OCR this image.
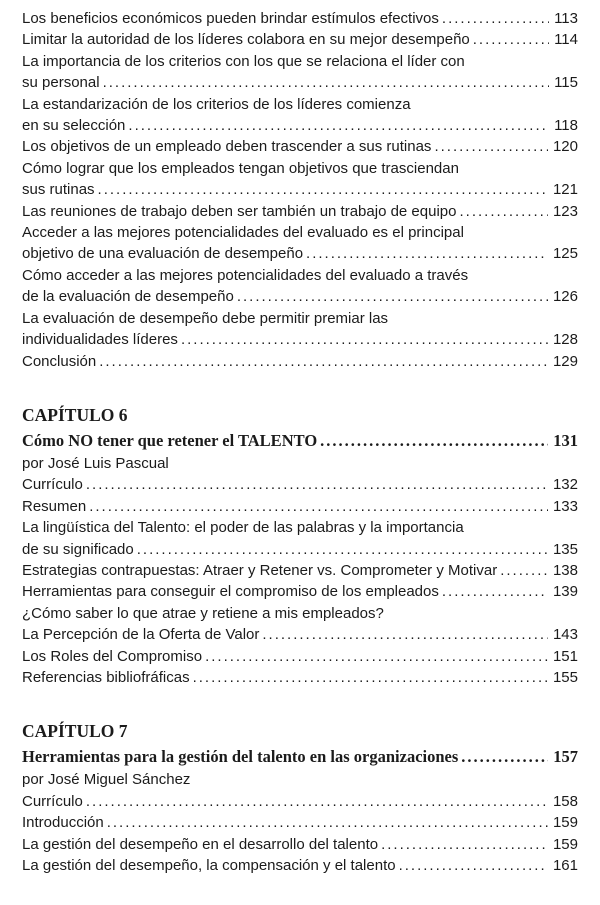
Los beneficios económicos pueden brindar estímulos efectivos .....	113
Limitar la autoridad de los líderes colabora en su mejor desempeño .....	114
La importancia de los criterios con los que se relaciona el líder con
su personal .....	115
La estandarización de los criterios de los líderes comienza
en su selección .....	118
Los objetivos de un empleado deben trascender a sus rutinas .....	120
Cómo lograr que los empleados tengan objetivos que trasciendan
sus rutinas .....	121
Las reuniones de trabajo deben ser también un trabajo de equipo .....	123
Acceder a las mejores potencialidades del evaluado es el principal
objetivo de una evaluación de desempeño .....	125
Cómo acceder a las mejores potencialidades del evaluado a través
de la evaluación de desempeño .....	126
La evaluación de desempeño debe permitir premiar las
individualidades líderes .....	128
Conclusión .....	129
CAPÍTULO 6
Cómo NO tener que retener el TALENTO .....	131
por José Luis Pascual
Currículo .....	132
Resumen .....	133
La lingüística del Talento: el poder de las palabras y la importancia
de su significado .....	135
Estrategias contrapuestas: Atraer y Retener vs. Comprometer y Motivar .....	138
Herramientas para conseguir el compromiso de los empleados .....	139
¿Cómo saber lo que atrae y retiene a mis empleados?
La Percepción de la Oferta de Valor .....	143
Los Roles del Compromiso .....	151
Referencias bibliofráficas .....	155
CAPÍTULO 7
Herramientas para la gestión del talento en las organizaciones .....	157
por José Miguel Sánchez
Currículo .....	158
Introducción .....	159
La gestión del desempeño en el desarrollo del talento .....	159
La gestión del desempeño, la compensación y el talento .....	161
